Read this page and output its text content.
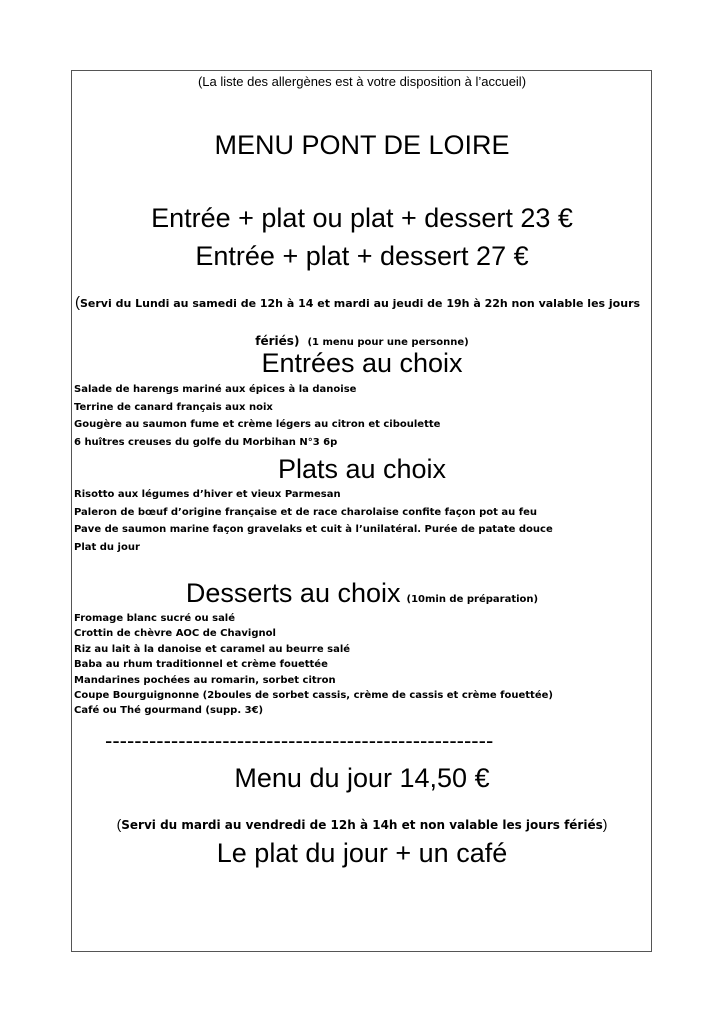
(La liste des allergènes est à votre disposition à l’accueil)
MENU PONT DE LOIRE
Entrée + plat ou plat + dessert 23 €
Entrée + plat + dessert 27 €
(Servi du Lundi au samedi de 12h à 14 et mardi au jeudi de 19h à 22h non valable les jours
fériés) (1 menu pour une personne)
Entrées au choix
Salade de harengs mariné aux épices à la danoise
Terrine de canard français aux noix
Gougère au saumon fume et crème légers au citron et ciboulette
6 huîtres creuses du golfe du Morbihan N°3 6p
Plats au choix
Risotto aux légumes d’hiver et vieux Parmesan
Paleron de bœuf d’origine française et de race charolaise confite façon pot au feu
Pave de saumon marine façon gravelaks et cuit à l’unilatéral. Purée de patate douce
Plat du jour
Desserts au choix (10min de préparation)
Fromage blanc sucré ou salé
Crottin de chèvre AOC de Chavignol
Riz au lait à la danoise et caramel au beurre salé
Baba au rhum traditionnel et crème fouettée
Mandarines pochées au romarin, sorbet citron
Coupe Bourguignonne (2boules de sorbet cassis, crème de cassis et crème fouettée)
Café ou Thé gourmand (supp. 3€)
-----------------------------------------------------
Menu du jour 14,50 €
(Servi du mardi au vendredi de 12h à 14h et non valable les jours fériés)
Le plat du jour + un café
